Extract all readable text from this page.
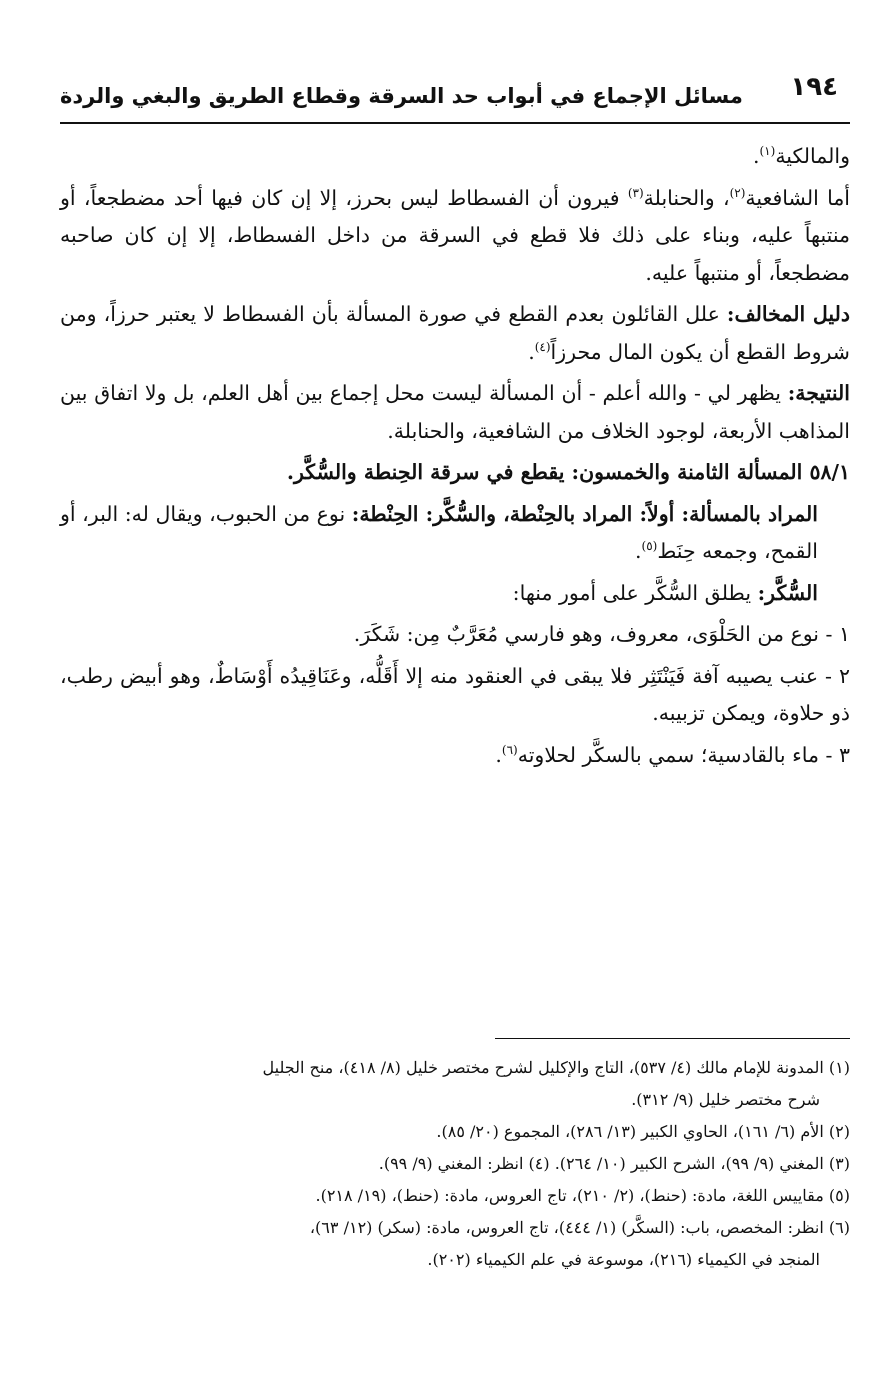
١٩٤
مسائل الإجماع في أبواب حد السرقة وقطاع الطريق والبغي والردة

والمالكية$^{(١)}$.

أما الشافعية$^{(٢)}$، والحنابلة$^{(٣)}$ فيرون أن الفسطاط ليس بحرز، إلا إن كان فيها أحد مضطجعاً، أو منتبهاً عليه، وبناء على ذلك فلا قطع في السرقة من داخل الفسطاط، إلا إن كان صاحبه مضطجعاً، أو منتبهاً عليه.

دليل المخالف: علل القائلون بعدم القطع في صورة المسألة بأن الفسطاط لا يعتبر حرزاً، ومن شروط القطع أن يكون المال محرزاً$^{(٤)}$.

النتيجة: يظهر لي - والله أعلم - أن المسألة ليست محل إجماع بين أهل العلم، بل ولا اتفاق بين المذاهب الأربعة، لوجود الخلاف من الشافعية، والحنابلة.

٥٨/١ المسألة الثامنة والخمسون: يقطع في سرقة الحِنطة والسُّكَّر.

المراد بالمسألة: أولاً: المراد بالحِنْطة، والسُّكَّر: الحِنْطة: نوع من الحبوب، ويقال له: البر، أو القمح، وجمعه حِنَط$^{(٥)}$.

السُّكَّر: يطلق السُّكَّر على أمور منها:

١ - نوع من الحَلْوَى، معروف، وهو فارسي مُعَرَّبٌ مِن: شَكَرَ.

٢ - عنب يصيبه آفة فَيَنْتَثِر فلا يبقى في العنقود منه إلا أَقَلُّه، وعَنَاقِيدُه أَوْسَاطٌ، وهو أبيض رطب، ذو حلاوة، ويمكن تزبيبه.

٣ - ماء بالقادسية؛ سمي بالسكَّر لحلاوته$^{(٦)}$.

(١) المدونة للإمام مالك (٤/ ٥٣٧)، التاج والإكليل لشرح مختصر خليل (٨/ ٤١٨)، منح الجليل
شرح مختصر خليل (٩/ ٣١٢).

(٢) الأم (٦/ ١٦١)، الحاوي الكبير (١٣/ ٢٨٦)، المجموع (٢٠/ ٨٥).

(٣) المغني (٩/ ٩٩)، الشرح الكبير (١٠/ ٢٦٤). (٤) انظر: المغني (٩/ ٩٩).

(٥) مقاييس اللغة، مادة: (حنط)، (٢/ ٢١٠)، تاج العروس، مادة: (حنط)، (١٩/ ٢١٨).

(٦) انظر: المخصص، باب: (السكَّر) (١/ ٤٤٤)، تاج العروس، مادة: (سكر) (١٢/ ٦٣)،
المنجد في الكيمياء (٢١٦)، موسوعة في علم الكيمياء (٢٠٢).
